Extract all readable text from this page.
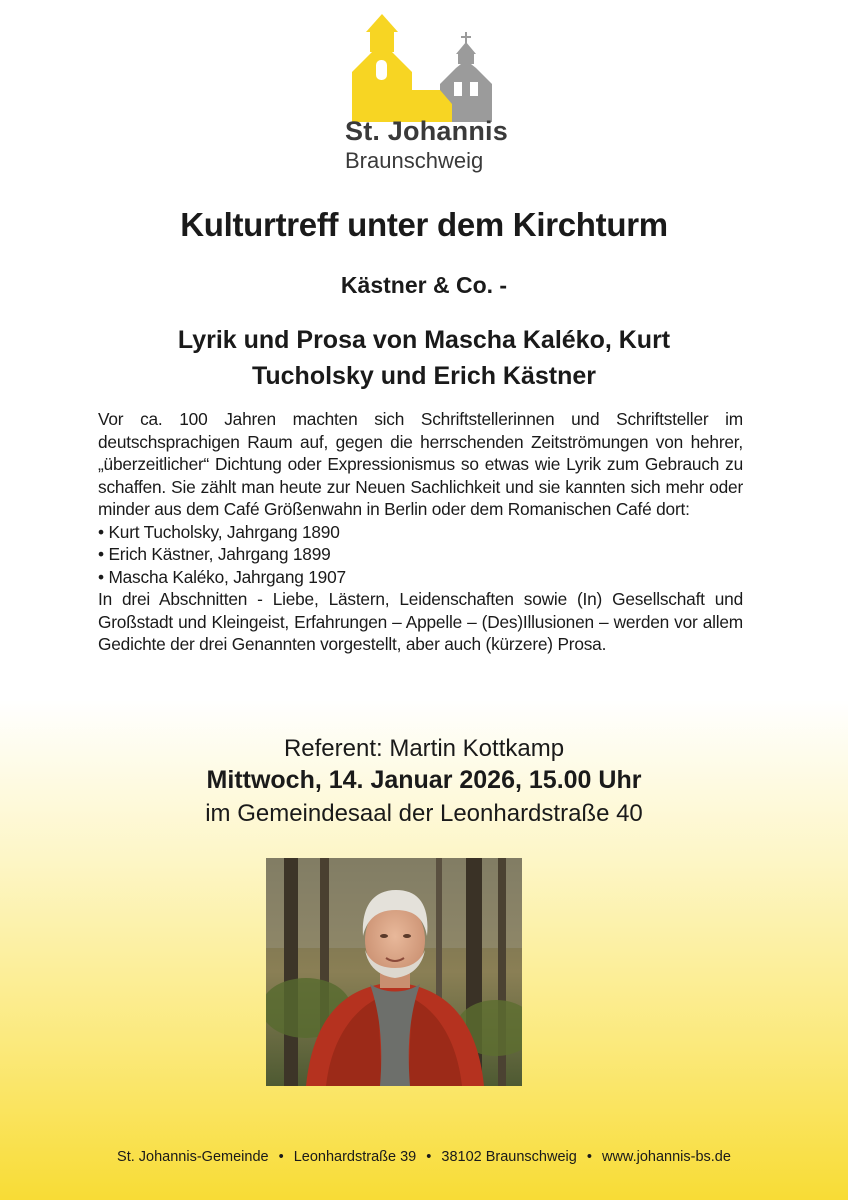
St. Johannis
Braunschweig
Kulturtreff unter dem Kirchturm
Kästner & Co. -
Lyrik und Prosa von Mascha Kaléko, Kurt
Tucholsky und Erich Kästner
Vor ca. 100 Jahren machten sich Schriftstellerinnen und Schriftsteller im deutschsprachigen Raum auf, gegen die herrschenden Zeitströmungen von hehrer, „überzeitlicher“ Dichtung oder Expressionismus so etwas wie Lyrik zum Gebrauch zu schaffen. Sie zählt man heute zur Neuen Sachlichkeit und sie kannten sich mehr oder minder aus dem Café Größenwahn in Berlin oder dem Romanischen Café dort:
• Kurt Tucholsky, Jahrgang 1890
• Erich Kästner, Jahrgang 1899
• Mascha Kaléko, Jahrgang 1907
In drei Abschnitten - Liebe, Lästern, Leidenschaften sowie (In) Gesellschaft und Großstadt und Kleingeist, Erfahrungen – Appelle – (Des)Illusionen – werden vor allem Gedichte der drei Genannten vorgestellt, aber auch (kürzere) Prosa.
Referent: Martin Kottkamp
Mittwoch, 14. Januar 2026, 15.00 Uhr
im Gemeindesaal der Leonhardstraße 40
St. Johannis-Gemeinde • Leonhardstraße 39 • 38102 Braunschweig • www.johannis-bs.de
